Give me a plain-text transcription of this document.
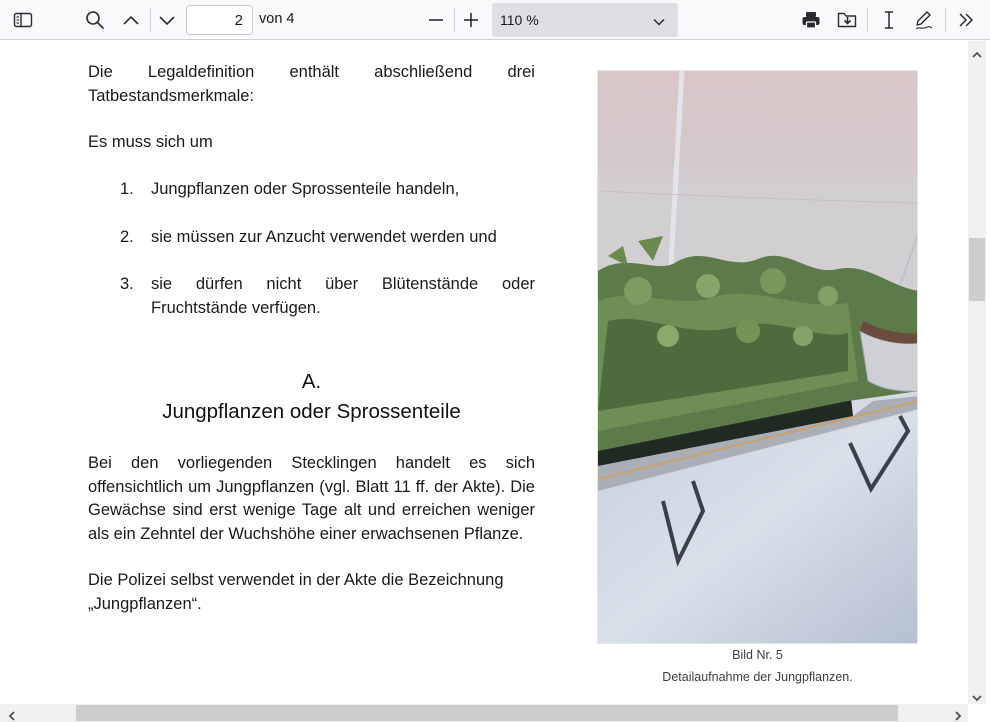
2
von 4	110 %
Die Legaldefinition enthält abschließend drei
Tatbestandsmerkmale:
Es muss sich um
1. Jungpflanzen oder Sprossenteile handeln,
2. sie müssen zur Anzucht verwendet werden und
3. sie dürfen nicht über Blütenstände oder Fruchtstände verfügen.
A.
Jungpflanzen oder Sprossenteile
Bei den vorliegenden Stecklingen handelt es sich offensichtlich um Jungpflanzen (vgl. Blatt 11 ff. der Akte). Die Gewächse sind erst wenige Tage alt und erreichen weniger als ein Zehntel der Wuchshöhe einer erwachsenen Pflanze.
Die Polizei selbst verwendet in der Akte die Bezeichnung „Jungpflanzen“.
Bild Nr. 5
Detailaufnahme der Jungpflanzen.
